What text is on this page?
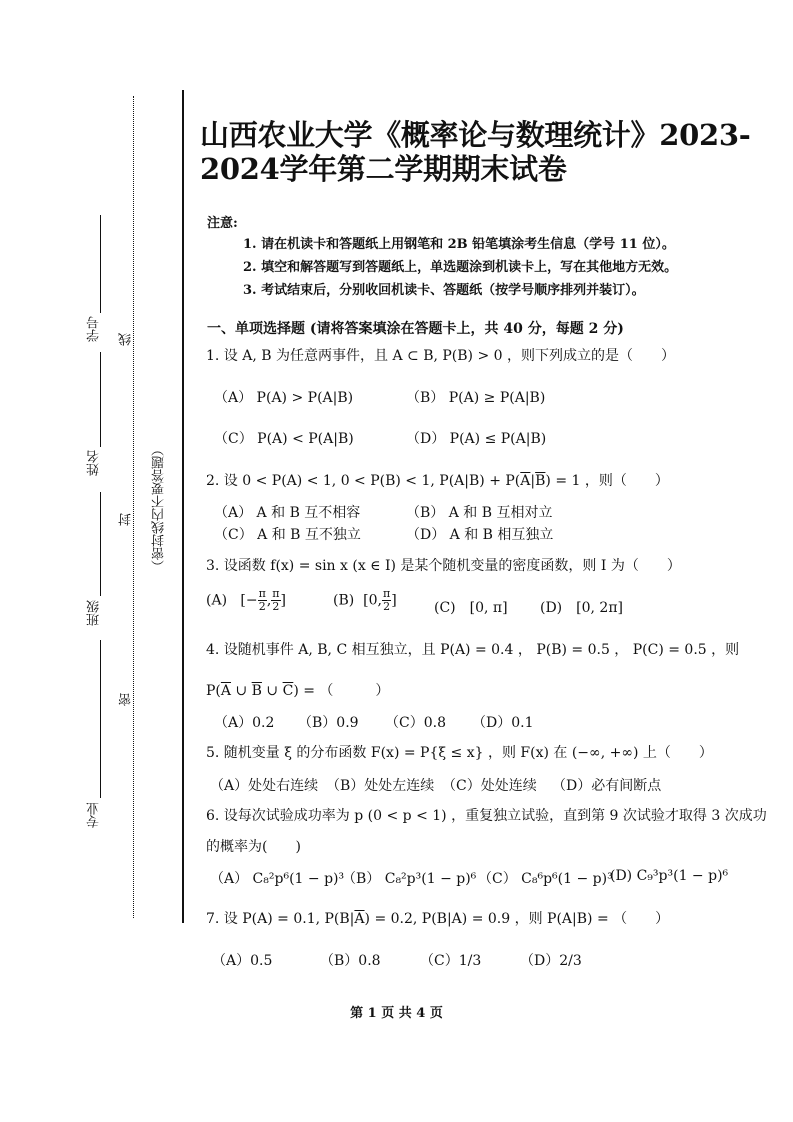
学号
姓名
班级
专业
线
封
密
（密封线内不要答题）
山西农业大学《概率论与数理统计》2023-2024学年第二学期期末试卷
注意:
1. 请在机读卡和答题纸上用钢笔和 2B 铅笔填涂考生信息（学号 11 位）。
2. 填空和解答题写到答题纸上，单选题涂到机读卡上，写在其他地方无效。
3. 考试结束后，分别收回机读卡、答题纸（按学号顺序排列并装订）。
一、单项选择题 (请将答案填涂在答题卡上，共 40 分，每题 2 分)
1. 设 A, B 为任意两事件，且 A ⊂ B, P(B) > 0 ，则下列成立的是（　　）
（A） P(A) > P(A|B)	（B） P(A) ≥ P(A|B)
（C） P(A) < P(A|B)	（D） P(A) ≤ P(A|B)
2. 设 0 < P(A) < 1, 0 < P(B) < 1, $P(A|B) + P(\overline{A}|\overline{B}) = 1$ ，则（　　）
（A） A 和 B 互不相容	（B） A 和 B 互相对立
（C） A 和 B 互不独立	（D） A 和 B 相互独立
3. 设函数 f(x) = sin x (x ∈ I) 是某个随机变量的密度函数，则 I 为（　　）
(A) [− $\frac{\pi}{2}$ , $\frac{\pi}{2}$ ]	(B) [0, $\frac{\pi}{2}$ ]	(C)　[0, π] (D)　[0, 2π]
4. 设随机事件 A, B, C 相互独立，且 P(A) = 0.4 ， P(B) = 0.5 ， P(C) = 0.5 ，则
$P(\overline{A}$ ∪ $\overline{B}$ ∪ $\overline{C}$) = （　　　）
（A）0.2 （B）0.9 （C）0.8 （D）0.1
5. 随机变量 ξ 的分布函数 F(x) = P{ξ ≤ x} ，则 F(x) 在 (−∞, +∞) 上（　　）
（A）处处右连续 （B）处处左连续 （C）处处连续 （D）必有间断点
6. 设每次试验成功率为 p (0 < p < 1) ，重复独立试验，直到第 9 次试验才取得 3 次成功
的概率为(　　)
（A） C₈²p⁶(1 − p)³
（B） C₈²p³(1 − p)⁶ （C） C₈⁶p⁶(1 − p)³
(D) C₉³p³(1 − p)⁶
7. 设 P(A) = 0.1, $P(B|\overline{A}) = 0.2$, P(B|A) = 0.9 ，则 P(A|B) = （　　）
（A）0.5	（B）0.8	（C）1/3	（D）2/3
第 1 页 共 4 页
